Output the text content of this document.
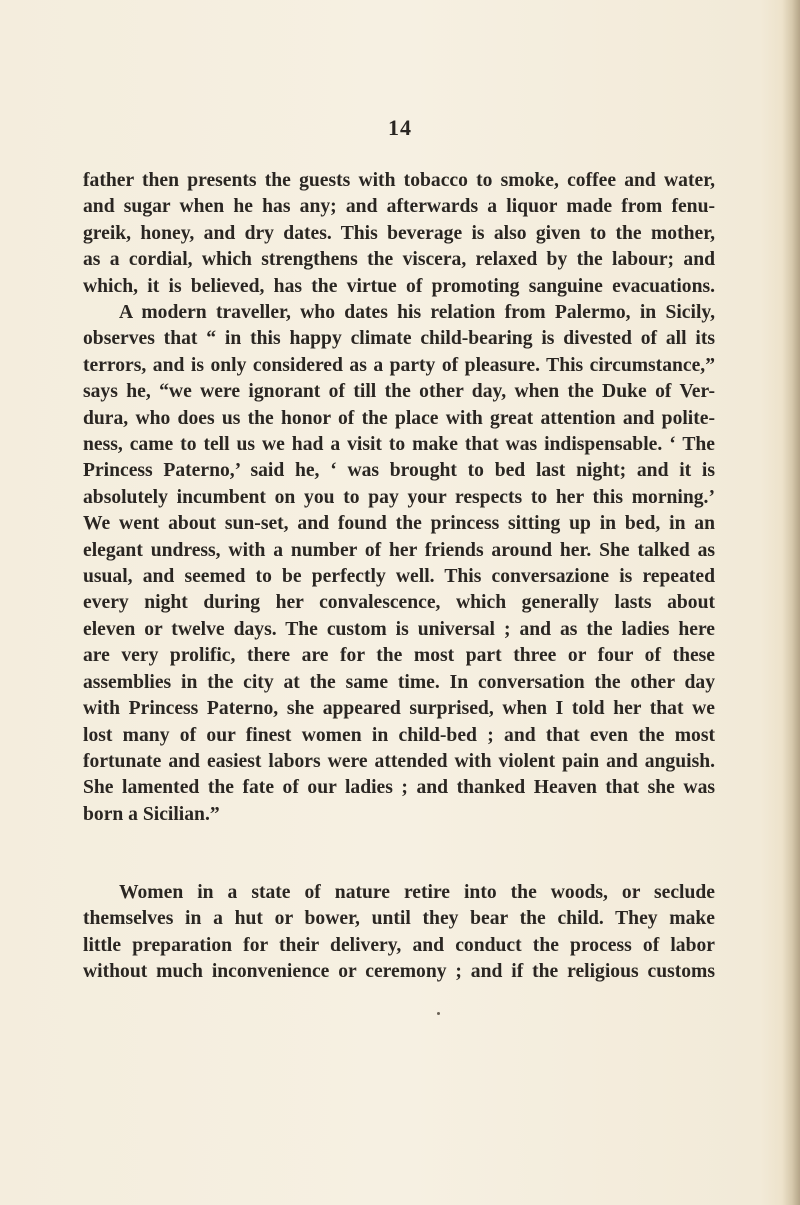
14

father then presents the guests with tobacco to smoke, coffee and water,
and sugar when he has any; and afterwards a liquor made from fenu-
greik, honey, and dry dates. This beverage is also given to the mother,
as a cordial, which strengthens the viscera, relaxed by the labour; and
which, it is believed, has the virtue of promoting sanguine evacuations.

A modern traveller, who dates his relation from Palermo, in Sicily,
observes that “ in this happy climate child-bearing is divested of all its
terrors, and is only considered as a party of pleasure. This circumstance,”
says he, “we were ignorant of till the other day, when the Duke of Ver-
dura, who does us the honor of the place with great attention and polite-
ness, came to tell us we had a visit to make that was indispensable. ‘ The
Princess Paterno,’ said he, ‘ was brought to bed last night; and it is
absolutely incumbent on you to pay your respects to her this morning.’
We went about sun-set, and found the princess sitting up in bed, in an
elegant undress, with a number of her friends around her. She talked as
usual, and seemed to be perfectly well. This conversazione is repeated
every night during her convalescence, which generally lasts about
eleven or twelve days. The custom is universal ; and as the ladies here
are very prolific, there are for the most part three or four of these
assemblies in the city at the same time. In conversation the other day
with Princess Paterno, she appeared surprised, when I told her that we
lost many of our finest women in child-bed ; and that even the most
fortunate and easiest labors were attended with violent pain and anguish.
She lamented the fate of our ladies ; and thanked Heaven that she was
born a Sicilian.”

Women in a state of nature retire into the woods, or seclude
themselves in a hut or bower, until they bear the child. They make
little preparation for their delivery, and conduct the process of labor
without much inconvenience or ceremony ; and if the religious customs
